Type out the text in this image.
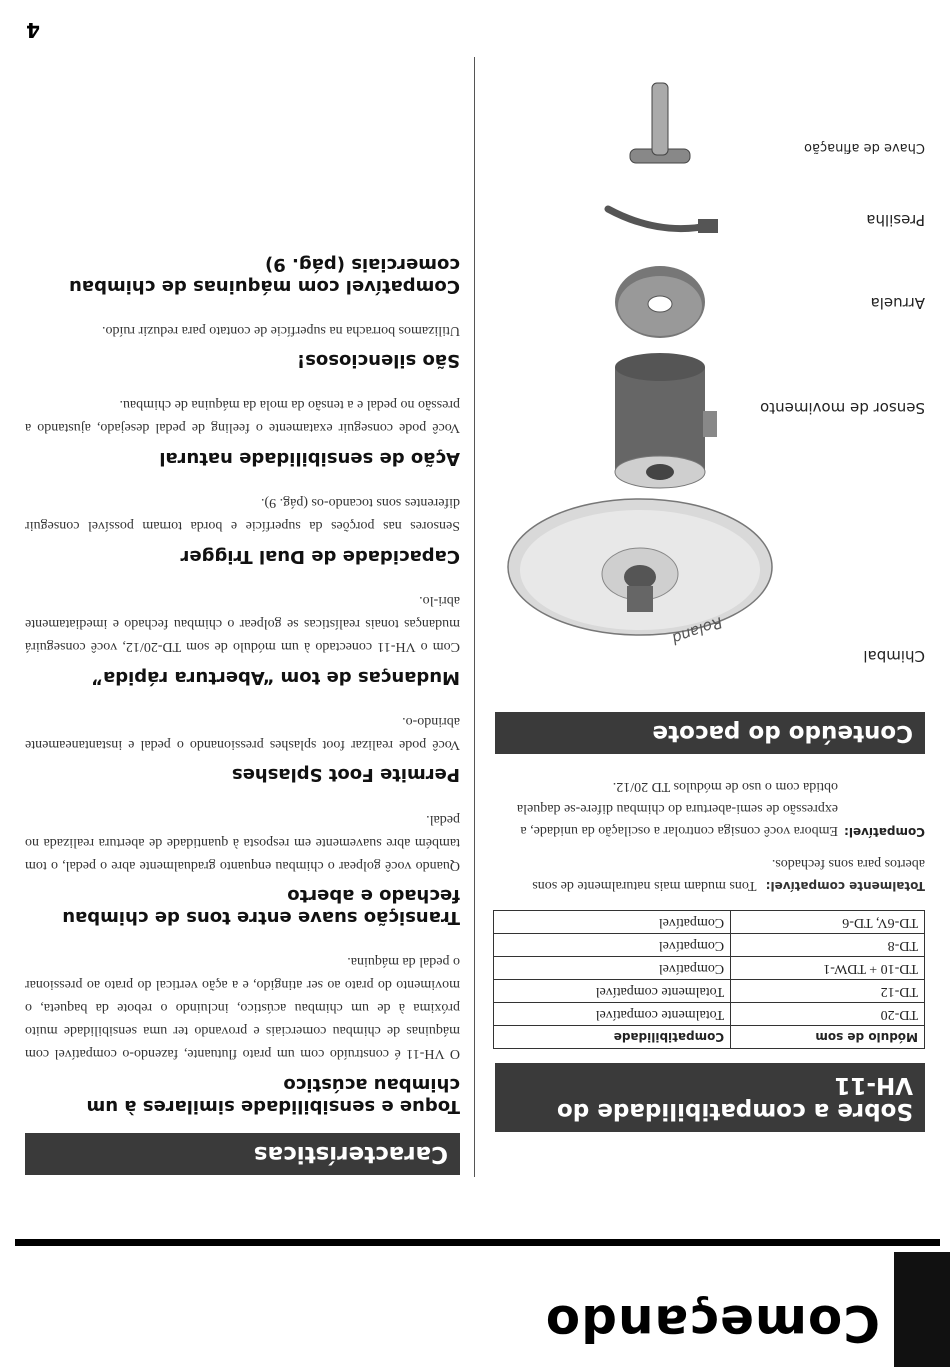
Começando
Sobre a compatibilidade do VH-11
Módulo de som	Compatibilidade
TD-20	Totalmente compatível
TD-12	Totalmente compatível
TD-10 + TDW-1	Compatível
TD-8	Compatível
TD-6V, TD-6	Compatível
Totalmente compatível: Tons mudam mais naturalmente de sons abertos para sons fechados.
Compatível:
Embora você consiga controlar a oscilação da unidade, a expressão de semi-abertura do chimbau difere-se daquela obtida com o uso de módulos TD 20/12.
Conteúdo do pacote
Chimbal
Roland
Sensor de movimento
Arruela
Presilha
Chave de afinação
Características
Toque e sensibilidade similares à um chimbau acústico
O VH-11 é construído com um prato flutuante, fazendo-o compatível com máquinas de chimbau comerciais e provando ter uma sensibilidade muito próxima à de um chimbau acústico, incluindo o rebote da baqueta, o movimento do prato ao ser atingido, e a ação vertical do prato ao pressionar o pedal da máquina.
Transição suave entre tons de chimbau fechado e aberto
Quando você golpear o chimbau enquanto gradualmente abre o pedal, o tom também abre suavemente em resposta à quantidade de abertura realizada no pedal.
Permite Foot Splashes
Você pode realizar foot splashes pressionando o pedal e instantaneamente abrindo-o.
Mudanças de tom “Abertura rápida”
Com o VH-11 conectado à um módulo de som TD-20/12, você conseguirá mudanças tonais realísticas se golpear o chimbau fechado e imediatamente abri-lo.
Capacidade de Dual Trigger
Sensores nas porções da superfície e borda tornam possível conseguir diferentes sons tocando-os (pág. 9).
Ação de sensibilidade natural
Você pode conseguir exatamente o feeling de pedal desejado, ajustando a pressão no pedal e a tensão da mola da máquina de chimbau.
São silenciosos!
Utilizamos borracha na superfície de contato para reduzir ruído.
Compatível com máquinas de chimbau comerciais (pág. 9)
4
